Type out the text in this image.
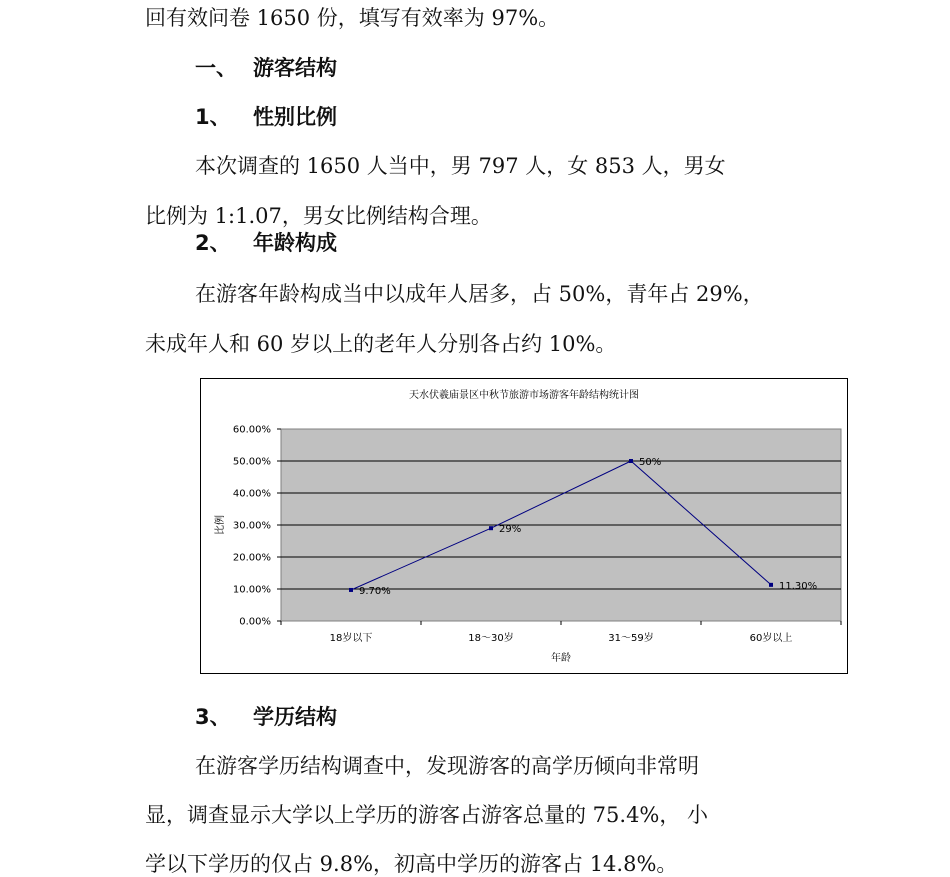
回有效问卷 1650 份，填写有效率为 97%。
一、 游客结构
1、 性别比例
本次调查的 1650 人当中，男 797 人，女 853 人，男女
比例为 1:1.07，男女比例结构合理。
2、 年龄构成
在游客年龄构成当中以成年人居多，占 50%，青年占 29%，
未成年人和 60 岁以上的老年人分别各占约 10%。
天水伏羲庙景区中秋节旅游市场游客年龄结构统计图
0.00%
10.00%
20.00%
30.00%
40.00%
50.00%
60.00%
18岁以下	18～30岁	31～59岁	60岁以上
9.70%
29%
50%
11.30%
比例
年龄
3、 学历结构
在游客学历结构调查中，发现游客的高学历倾向非常明
显，调查显示大学以上学历的游客占游客总量的 75.4%， 小
学以下学历的仅占 9.8%，初高中学历的游客占 14.8%。
